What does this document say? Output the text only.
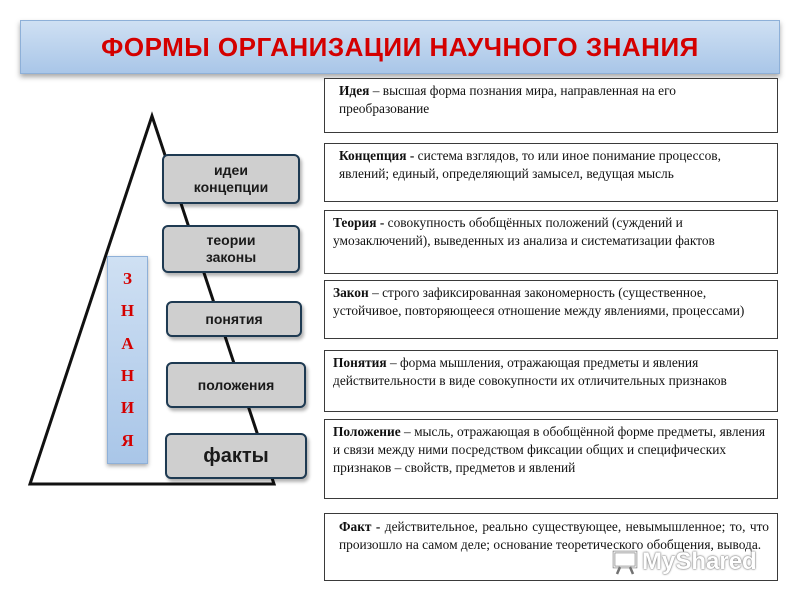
ФОРМЫ ОРГАНИЗАЦИИ НАУЧНОГО ЗНАНИЯ
З
Н
А
Н
И
Я
идеи
концепции
теории
законы
понятия
положения
факты
Идея – высшая форма познания мира, направленная на его преобразование
Концепция - система взглядов, то или иное понимание процессов, явлений; единый, определяющий замысел, ведущая мысль
Теория - совокупность обобщённых положений (суждений и умозаключений), выведенных из анализа и систематизации фактов
Закон – строго зафиксированная закономерность (существенное, устойчивое, повторяющееся отношение между явлениями, процессами)
Понятия – форма мышления, отражающая предметы и явления действительности в виде совокупности их отличительных признаков
Положение – мысль, отражающая в обобщённой форме предметы, явления и связи между ними посредством фиксации общих и специфических признаков – свойств, предметов и явлений
Факт - действительное, реально существующее, невымышленное; то, что произошло на самом деле; основание теоретического обобщения, вывода.
MyShared
